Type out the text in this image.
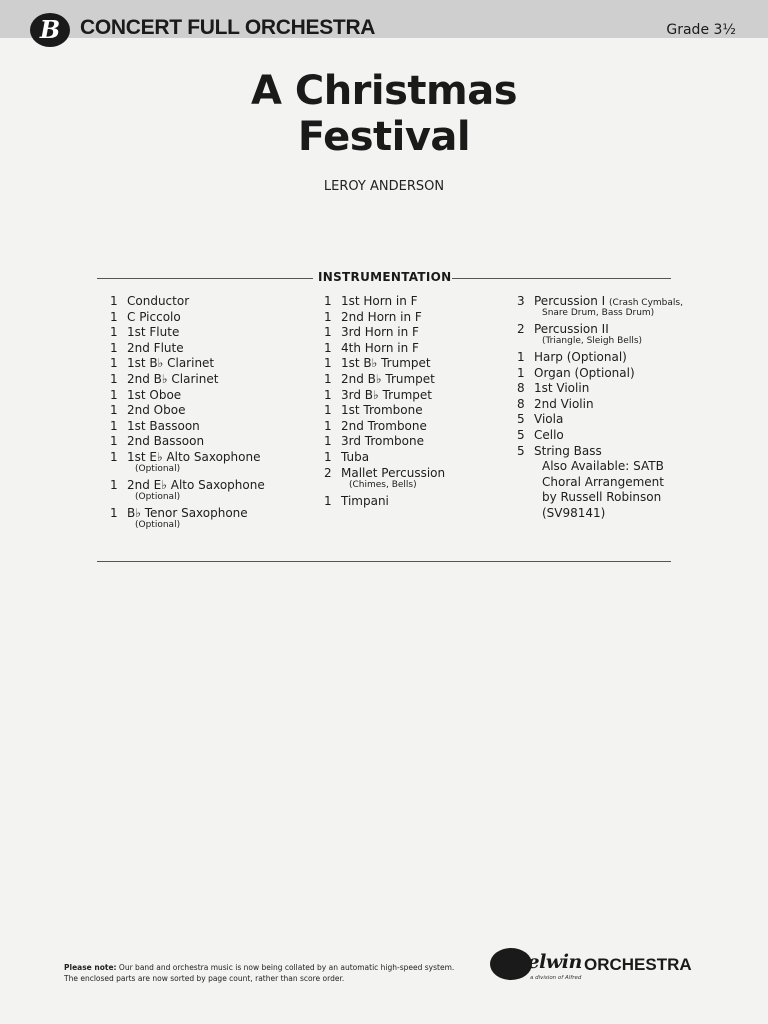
B CONCERT FULL ORCHESTRA	Grade 3½
A Christmas
Festival
LEROY ANDERSON
INSTRUMENTATION
1 Conductor
1 C Piccolo
1 1st Flute
1 2nd Flute
1 1st B♭ Clarinet
1 2nd B♭ Clarinet
1 1st Oboe
1 2nd Oboe
1 1st Bassoon
1 2nd Bassoon
1 1st E♭ Alto Saxophone
(Optional)
1 2nd E♭ Alto Saxophone
(Optional)
1 B♭ Tenor Saxophone
(Optional)
1 1st Horn in F
1 2nd Horn in F
1 3rd Horn in F
1 4th Horn in F
1 1st B♭ Trumpet
1 2nd B♭ Trumpet
1 3rd B♭ Trumpet
1 1st Trombone
1 2nd Trombone
1 3rd Trombone
1 Tuba
2 Mallet Percussion
(Chimes, Bells)
1 Timpani
3 Percussion I (Crash Cymbals,
Snare Drum, Bass Drum)
2 Percussion II
(Triangle, Sleigh Bells)
1 Harp (Optional)
1 Organ (Optional)
8 1st Violin
8 2nd Violin
5 Viola
5 Cello
5 String Bass
Also Available: SATB
Choral Arrangement
by Russell Robinson
(SV98141)
Please note: Our band and orchestra music is now being collated by an automatic high-speed system.
The enclosed parts are now sorted by page count, rather than score order.
Belwin ORCHESTRA
a division of Alfred
